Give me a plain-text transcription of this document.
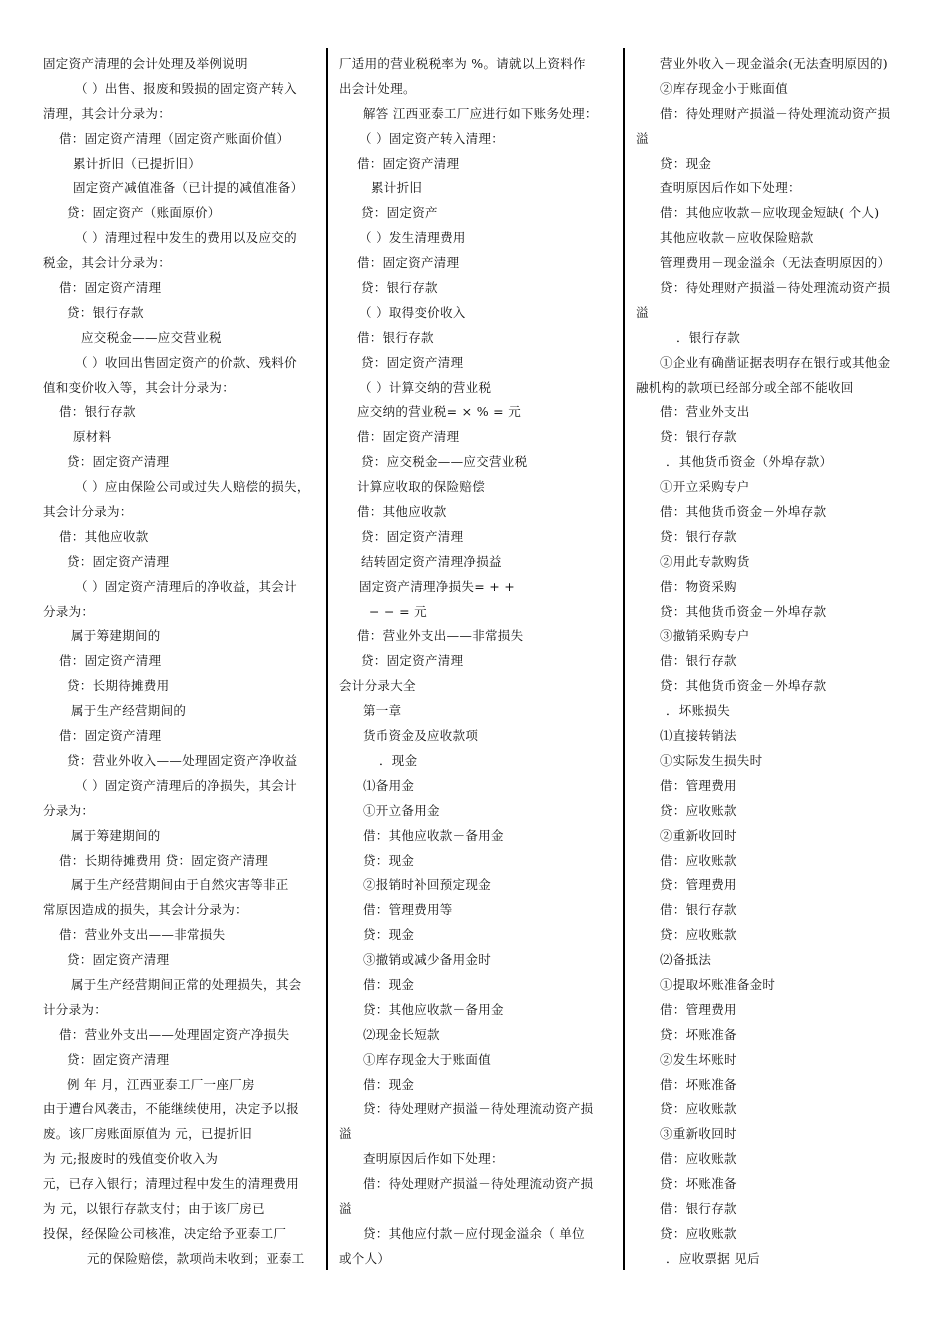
固定资产清理的会计处理及举例说明
（ ）出售、报废和毁损的固定资产转入
清理，其会计分录为：
借：固定资产清理（固定资产账面价值）
累计折旧（已提折旧）
固定资产减值准备（已计提的减值准备）
贷：固定资产（账面原价）
（ ）清理过程中发生的费用以及应交的
税金，其会计分录为：
借：固定资产清理
贷：银行存款
应交税金——应交营业税
（ ）收回出售固定资产的价款、残料价
值和变价收入等，其会计分录为：
借：银行存款
原材料
贷：固定资产清理
（ ）应由保险公司或过失人赔偿的损失，
其会计分录为：
借：其他应收款
贷：固定资产清理
（ ）固定资产清理后的净收益，其会计
分录为：
属于筹建期间的
借：固定资产清理
贷：长期待摊费用
属于生产经营期间的
借：固定资产清理
贷：营业外收入——处理固定资产净收益
（ ）固定资产清理后的净损失，其会计
分录为：
属于筹建期间的
借：长期待摊费用 贷：固定资产清理
属于生产经营期间由于自然灾害等非正
常原因造成的损失，其会计分录为：
借：营业外支出——非常损失
贷：固定资产清理
属于生产经营期间正常的处理损失，其会
计分录为：
借：营业外支出——处理固定资产净损失
贷：固定资产清理
例 年 月，江西亚泰工厂一座厂房
由于遭台风袭击，不能继续使用，决定予以报
废。该厂房账面原值为 元，已提折旧
为 元;报废时的残值变价收入为
元，已存入银行；清理过程中发生的清理费用
为 元，以银行存款支付；由于该厂房已
投保，经保险公司核准，决定给予亚泰工厂
元的保险赔偿，款项尚未收到；亚泰工
厂适用的营业税税率为 %。请就以上资料作
出会计处理。
解答 江西亚泰工厂应进行如下账务处理：
（ ）固定资产转入清理：
借：固定资产清理
累计折旧
贷：固定资产
（ ）发生清理费用
借：固定资产清理
贷：银行存款
（ ）取得变价收入
借：银行存款
贷：固定资产清理
（ ）计算交纳的营业税
应交纳的营业税= × % = 元
借：固定资产清理
贷：应交税金——应交营业税
计算应收取的保险赔偿
借：其他应收款
贷：固定资产清理
结转固定资产清理净损益
固定资产清理净损失= + +
− − = 元
借：营业外支出——非常损失
贷：固定资产清理
会计分录大全
第一章
货币资金及应收款项
．现金
⑴备用金
①开立备用金
借：其他应收款－备用金
贷：现金
②报销时补回预定现金
借：管理费用等
贷：现金
③撤销或减少备用金时
借：现金
贷：其他应收款－备用金
⑵现金长短款
①库存现金大于账面值
借：现金
贷：待处理财产损溢－待处理流动资产损
溢
查明原因后作如下处理：
借：待处理财产损溢－待处理流动资产损
溢
贷：其他应付款－应付现金溢余（ 单位
或个人）
营业外收入－现金溢余(无法查明原因的)
②库存现金小于账面值
借：待处理财产损溢－待处理流动资产损
溢
贷：现金
查明原因后作如下处理：
借：其他应收款－应收现金短缺( 个人)
其他应收款－应收保险赔款
管理费用－现金溢余（无法查明原因的）
贷：待处理财产损溢－待处理流动资产损
溢
．银行存款
①企业有确凿证据表明存在银行或其他金
融机构的款项已经部分或全部不能收回
借：营业外支出
贷：银行存款
．其他货币资金（外埠存款）
①开立采购专户
借：其他货币资金－外埠存款
贷：银行存款
②用此专款购货
借：物资采购
贷：其他货币资金－外埠存款
③撤销采购专户
借：银行存款
贷：其他货币资金－外埠存款
．坏账损失
⑴直接转销法
①实际发生损失时
借：管理费用
贷：应收账款
②重新收回时
借：应收账款
贷：管理费用
借：银行存款
贷：应收账款
⑵备抵法
①提取坏账准备金时
借：管理费用
贷：坏账准备
②发生坏账时
借：坏账准备
贷：应收账款
③重新收回时
借：应收账款
贷：坏账准备
借：银行存款
贷：应收账款
．应收票据 见后
